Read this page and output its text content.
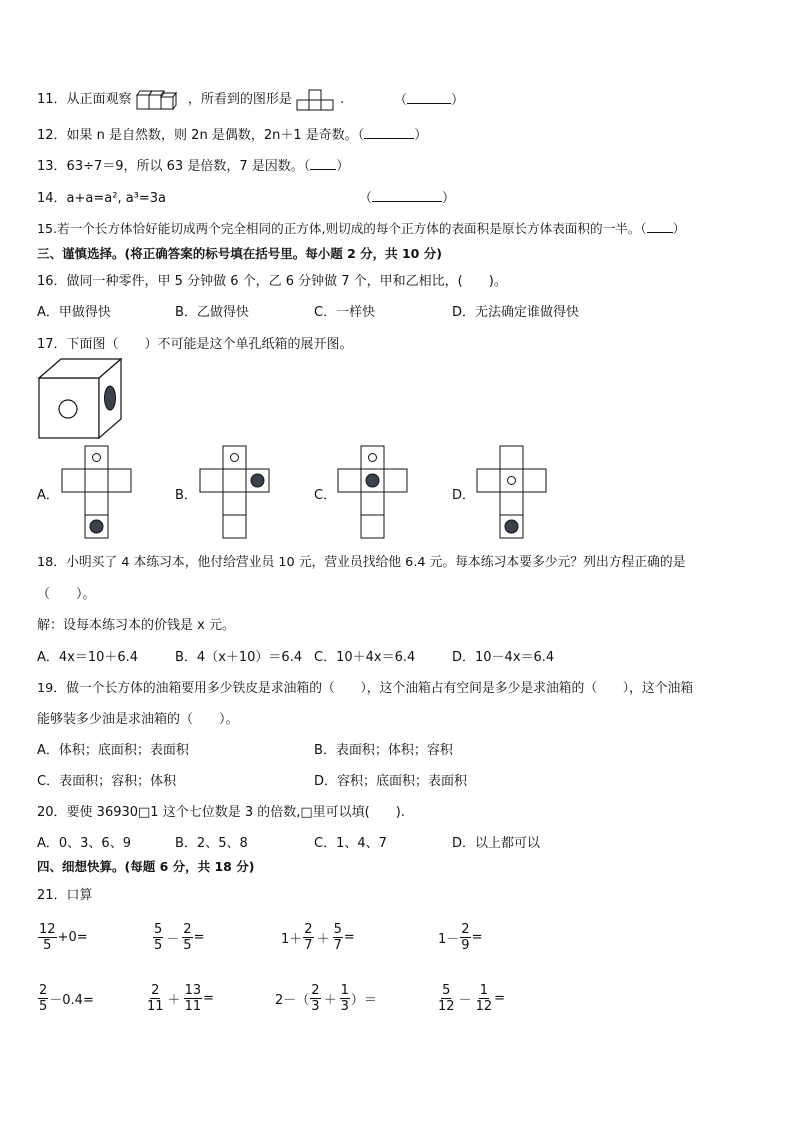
11．从正面观察	，所看到的图形是	.	（	）
12．如果 n 是自然数，则 2n 是偶数，2n＋1 是奇数。（	）
13．63÷7＝9，所以 63 是倍数，7 是因数。（ ）
14．a+a=a², a³=3a	（	）
15.若一个长方体恰好能切成两个完全相同的正方体,则切成的每个正方体的表面积是原长方体表面积的一半。（ ）
三、谨慎选择。(将正确答案的标号填在括号里。每小题 2 分，共 10 分)
16．做同一种零件，甲 5 分钟做 6 个，乙 6 分钟做 7 个，甲和乙相比，(　　)。
A．甲做得快	B．乙做得快	C．一样快	D．无法确定谁做得快
17．下面图（　　）不可能是这个单孔纸箱的展开图。
A．	B．	C．	D．
18．小明买了 4 本练习本，他付给营业员 10 元，营业员找给他 6.4 元。每本练习本要多少元？列出方程正确的是
（　　）。
解：设每本练习本的价钱是 x 元。
A．4x＝10＋6.4	B．4（x＋10）＝6.4 C．10＋4x＝6.4	D．10－4x＝6.4
19．做一个长方体的油箱要用多少铁皮是求油箱的（　　），这个油箱占有空间是多少是求油箱的（　　），这个油箱
能够装多少油是求油箱的（　　）。
A．体积；底面积；表面积	B．表面积；体积；容积
C．表面积；容积；体积	D．容积；底面积；表面积
20．要使 36930□1 这个七位数是 3 的倍数,□里可以填(　　).
A．0、3、6、9	B．2、5、8	C．1、4、7	D．以上都可以
四、细想快算。(每题 6 分，共 18 分)
21．口算
$\frac{12}{5} +0=$	$\frac{5}{5} - \frac{2}{5}$ =	$1+ \frac{2}{7} + \frac{5}{7}$ =	$1- \frac{2}{9}$ =
$\frac{2}{5} -0.4=$	$\frac{2}{11} + \frac{13}{11}$ =	$2-( \frac{2}{3} + \frac{1}{3}$ ）＝	$\frac{5}{12} - \frac{1}{12}$ =
